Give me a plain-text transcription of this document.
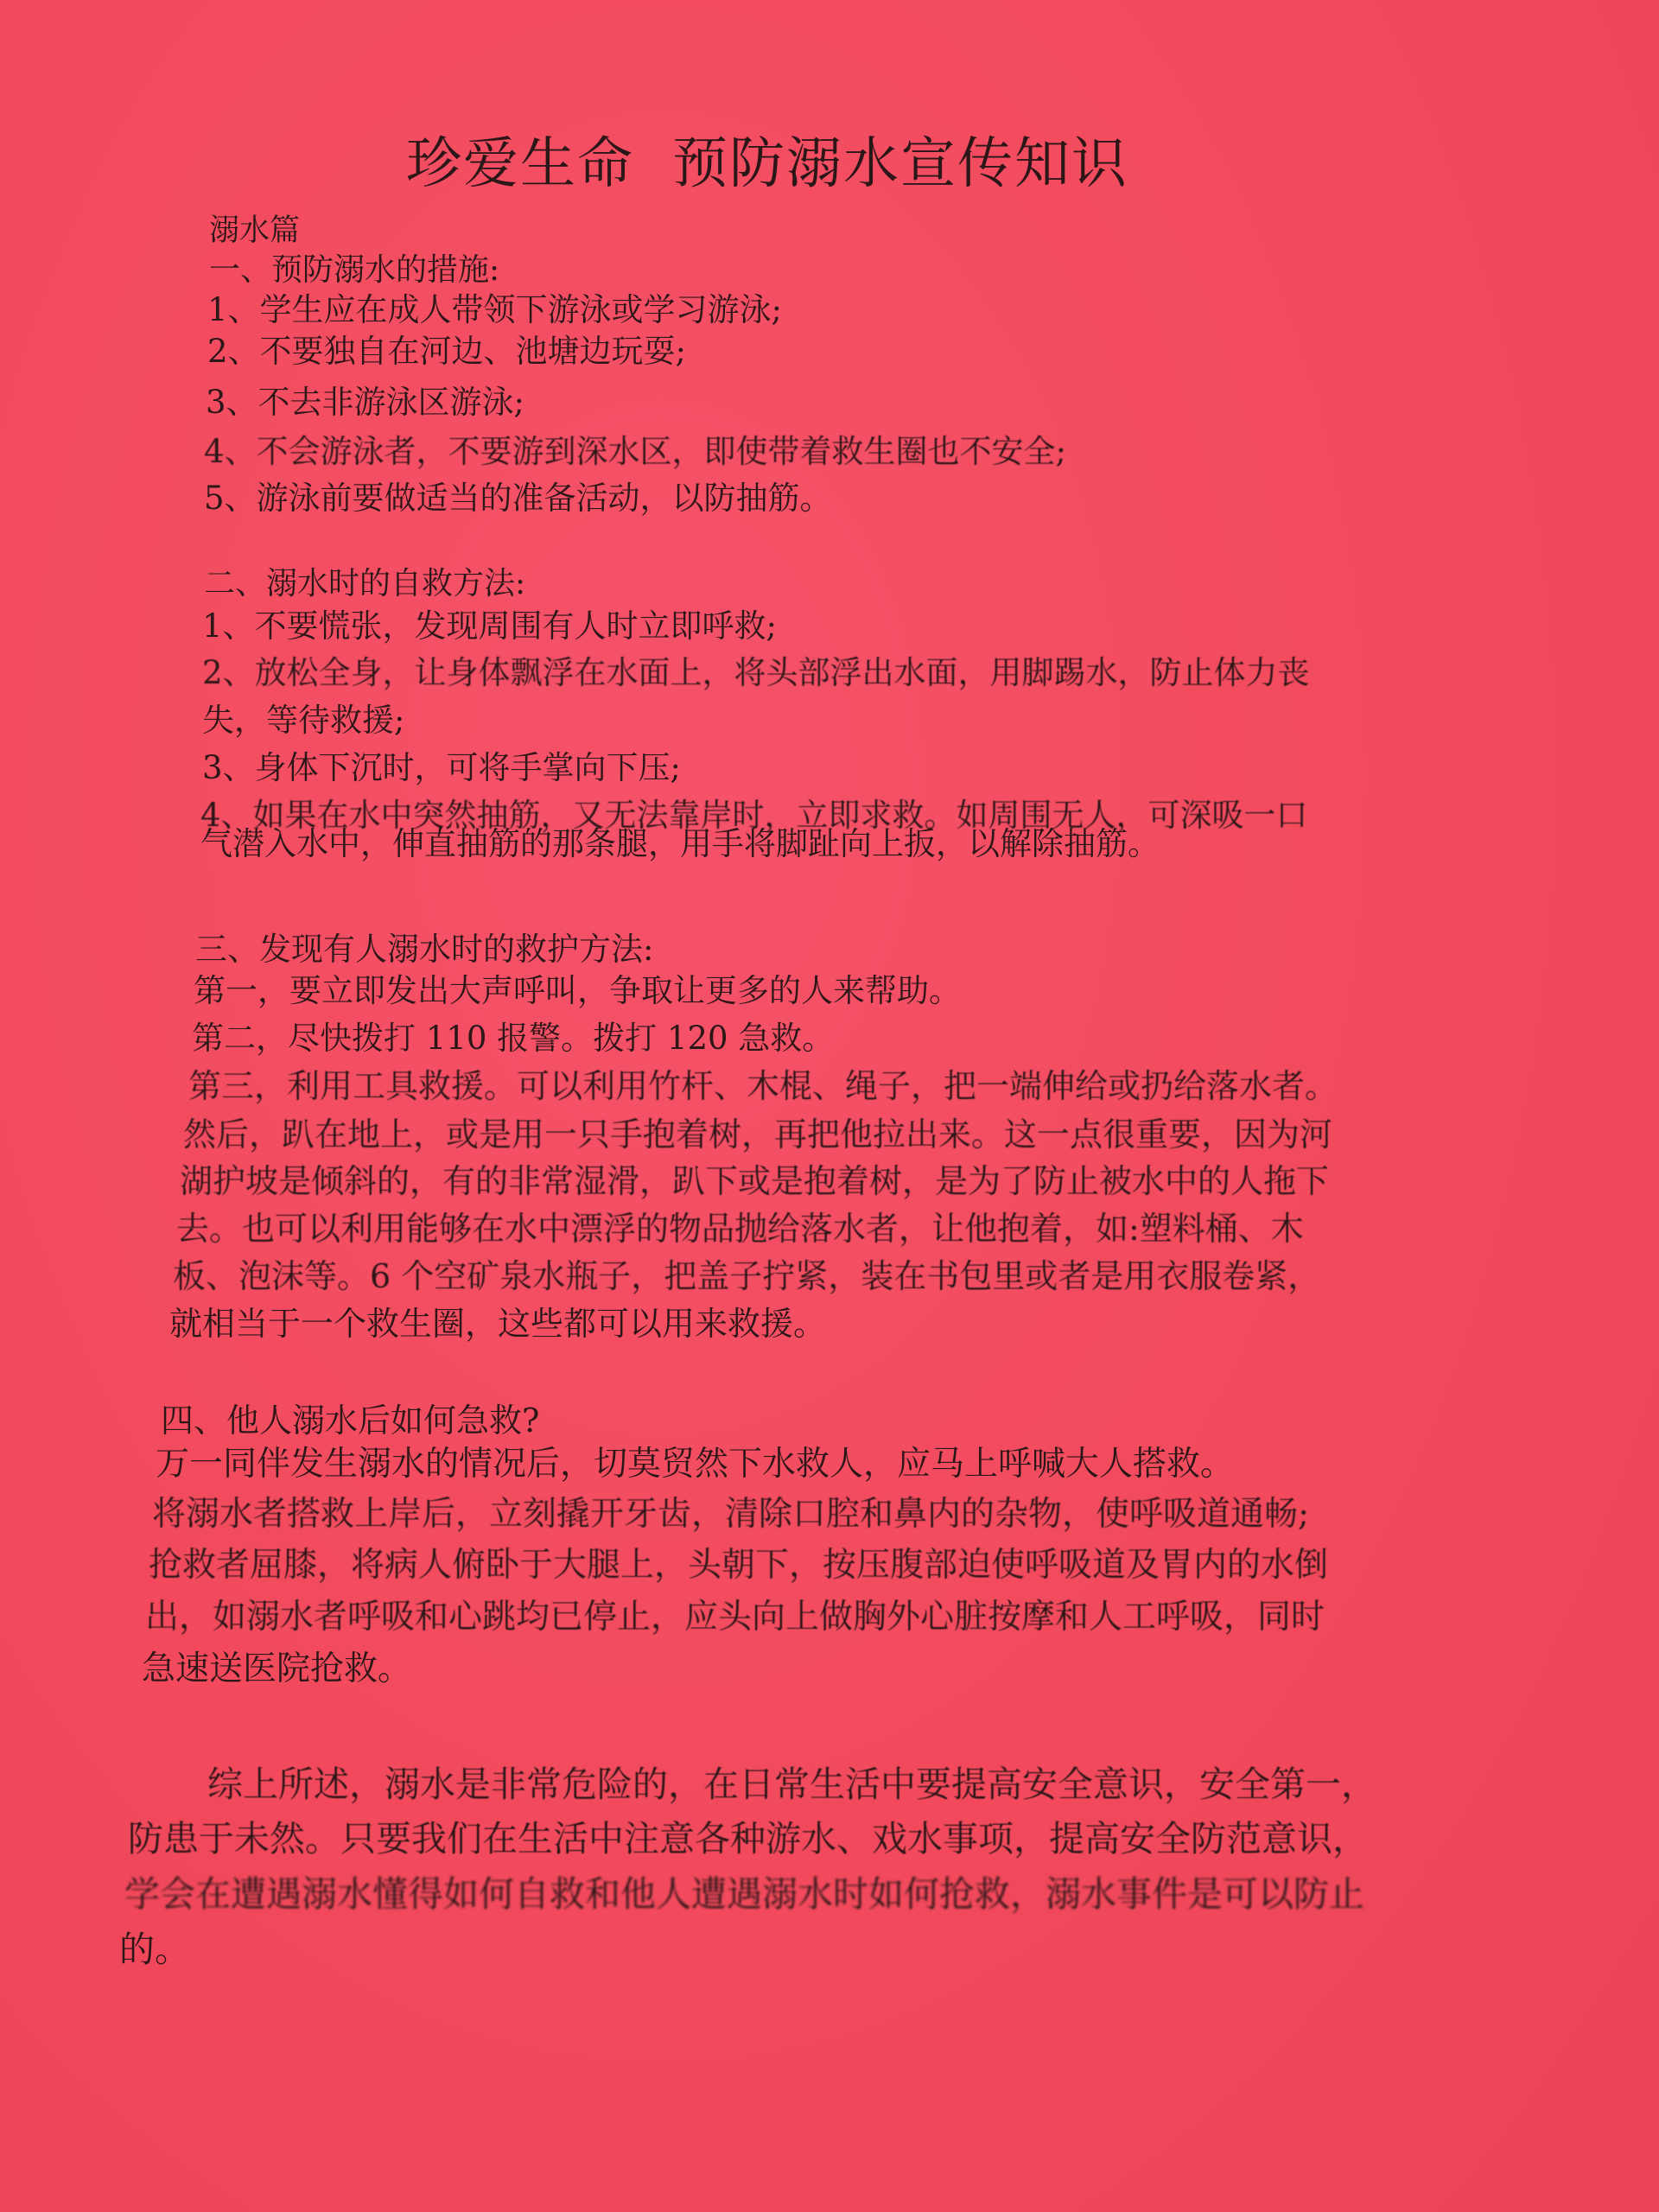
珍爱生命 预防溺水宣传知识
溺水篇
一、预防溺水的措施:
1、学生应在成人带领下游泳或学习游泳;
2、不要独自在河边、池塘边玩耍;
3、不去非游泳区游泳;
4、不会游泳者，不要游到深水区，即使带着救生圈也不安全;
5、游泳前要做适当的准备活动，以防抽筋。
二、溺水时的自救方法:
1、不要慌张，发现周围有人时立即呼救;
2、放松全身，让身体飘浮在水面上，将头部浮出水面，用脚踢水，防止体力丧
失，等待救援;
3、身体下沉时，可将手掌向下压;
4、如果在水中突然抽筋，又无法靠岸时，立即求救。如周围无人，可深吸一口
气潜入水中，伸直抽筋的那条腿，用手将脚趾向上扳，以解除抽筋。
三、发现有人溺水时的救护方法:
第一，要立即发出大声呼叫，争取让更多的人来帮助。
第二，尽快拨打 110 报警。拨打 120 急救。
第三，利用工具救援。可以利用竹杆、木棍、绳子，把一端伸给或扔给落水者。
然后，趴在地上，或是用一只手抱着树，再把他拉出来。这一点很重要，因为河
湖护坡是倾斜的，有的非常湿滑，趴下或是抱着树，是为了防止被水中的人拖下
去。也可以利用能够在水中漂浮的物品抛给落水者，让他抱着，如:塑料桶、木
板、泡沫等。6 个空矿泉水瓶子，把盖子拧紧，装在书包里或者是用衣服卷紧，
就相当于一个救生圈，这些都可以用来救援。
四、他人溺水后如何急救?
万一同伴发生溺水的情况后，切莫贸然下水救人，应马上呼喊大人搭救。
将溺水者搭救上岸后，立刻撬开牙齿，清除口腔和鼻内的杂物，使呼吸道通畅;
抢救者屈膝，将病人俯卧于大腿上，头朝下，按压腹部迫使呼吸道及胃内的水倒
出，如溺水者呼吸和心跳均已停止，应头向上做胸外心脏按摩和人工呼吸，同时
急速送医院抢救。
综上所述，溺水是非常危险的，在日常生活中要提高安全意识，安全第一，
防患于未然。只要我们在生活中注意各种游水、戏水事项，提高安全防范意识，
学会在遭遇溺水懂得如何自救和他人遭遇溺水时如何抢救，溺水事件是可以防止
的。
